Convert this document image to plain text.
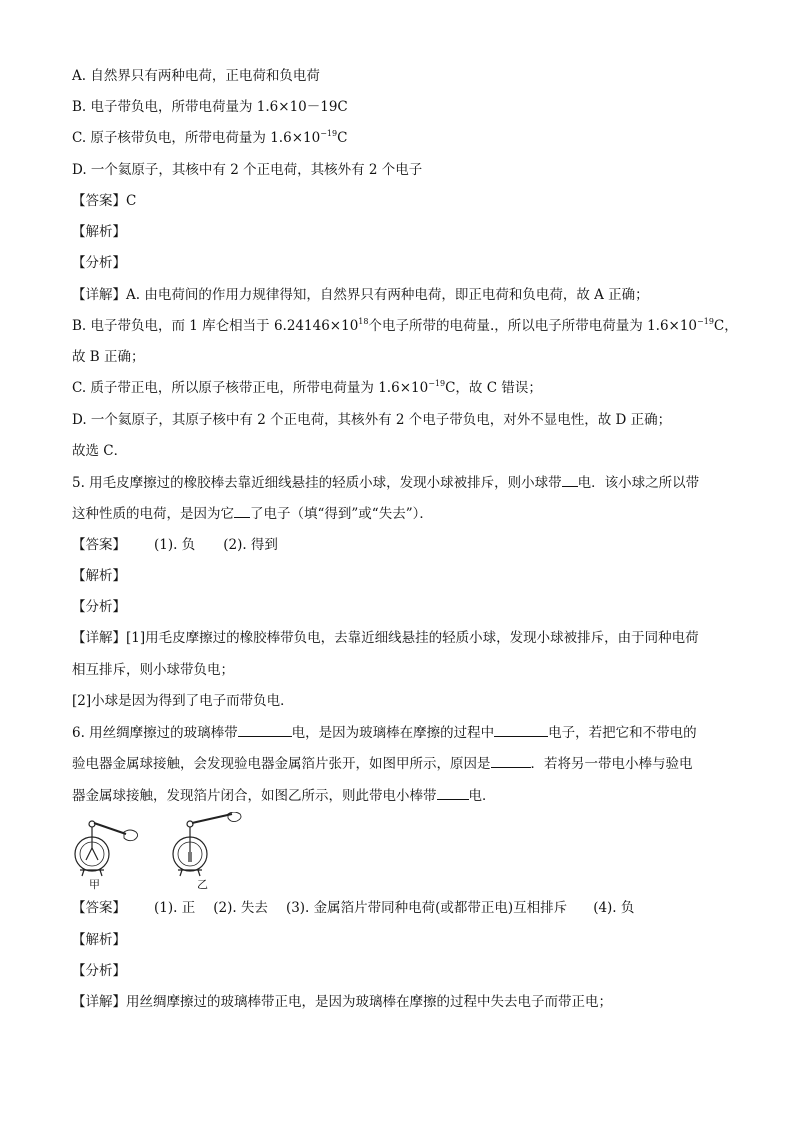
A. 自然界只有两种电荷，正电荷和负电荷
B. 电子带负电，所带电荷量为 1.6×10－19C
C. 原子核带负电，所带电荷量为 $1.6\times 10^{-19}C$
D. 一个氦原子，其核中有 2 个正电荷，其核外有 2 个电子
【答案】C
【解析】
【分析】
【详解】A. 由电荷间的作用力规律得知，自然界只有两种电荷，即正电荷和负电荷，故 A 正确；
B. 电子带负电，而 1 库仑相当于 $6.24146\times 10^{18}$个电子所带的电荷量.，所以电子所带电荷量为 $1.6\times 10^{-19}C$，
故 B 正确；
C. 质子带正电，所以原子核带正电，所带电荷量为 $1.6\times 10^{-19}C$，故 C 错误；
D. 一个氦原子，其原子核中有 2 个正电荷，其核外有 2 个电子带负电，对外不显电性，故 D 正确；
故选 C．
5. 用毛皮摩擦过的橡胶棒去靠近细线悬挂的轻质小球，发现小球被排斥，则小球带 电．该小球之所以带
这种性质的电荷，是因为它 了电子（填“得到”或“失去”）．
【答案】 (1). 负 (2). 得到
【解析】
【分析】
【详解】[1]用毛皮摩擦过的橡胶棒带负电，去靠近细线悬挂的轻质小球，发现小球被排斥，由于同种电荷
相互排斥，则小球带负电；
[2]小球是因为得到了电子而带负电．
6. 用丝绸摩擦过的玻璃棒带	电，是因为玻璃棒在摩擦的过程中	电子，若把它和不带电的
验电器金属球接触，会发现验电器金属箔片张开，如图甲所示，原因是	．若将另一带电小棒与验电
器金属球接触，发现箔片闭合，如图乙所示，则此带电小棒带 电．
甲	乙
【答案】 (1). 正 (2). 失去 (3). 金属箔片带同种电荷(或都带正电)互相排斥 (4). 负
【解析】
【分析】
【详解】用丝绸摩擦过的玻璃棒带正电，是因为玻璃棒在摩擦的过程中失去电子而带正电；
